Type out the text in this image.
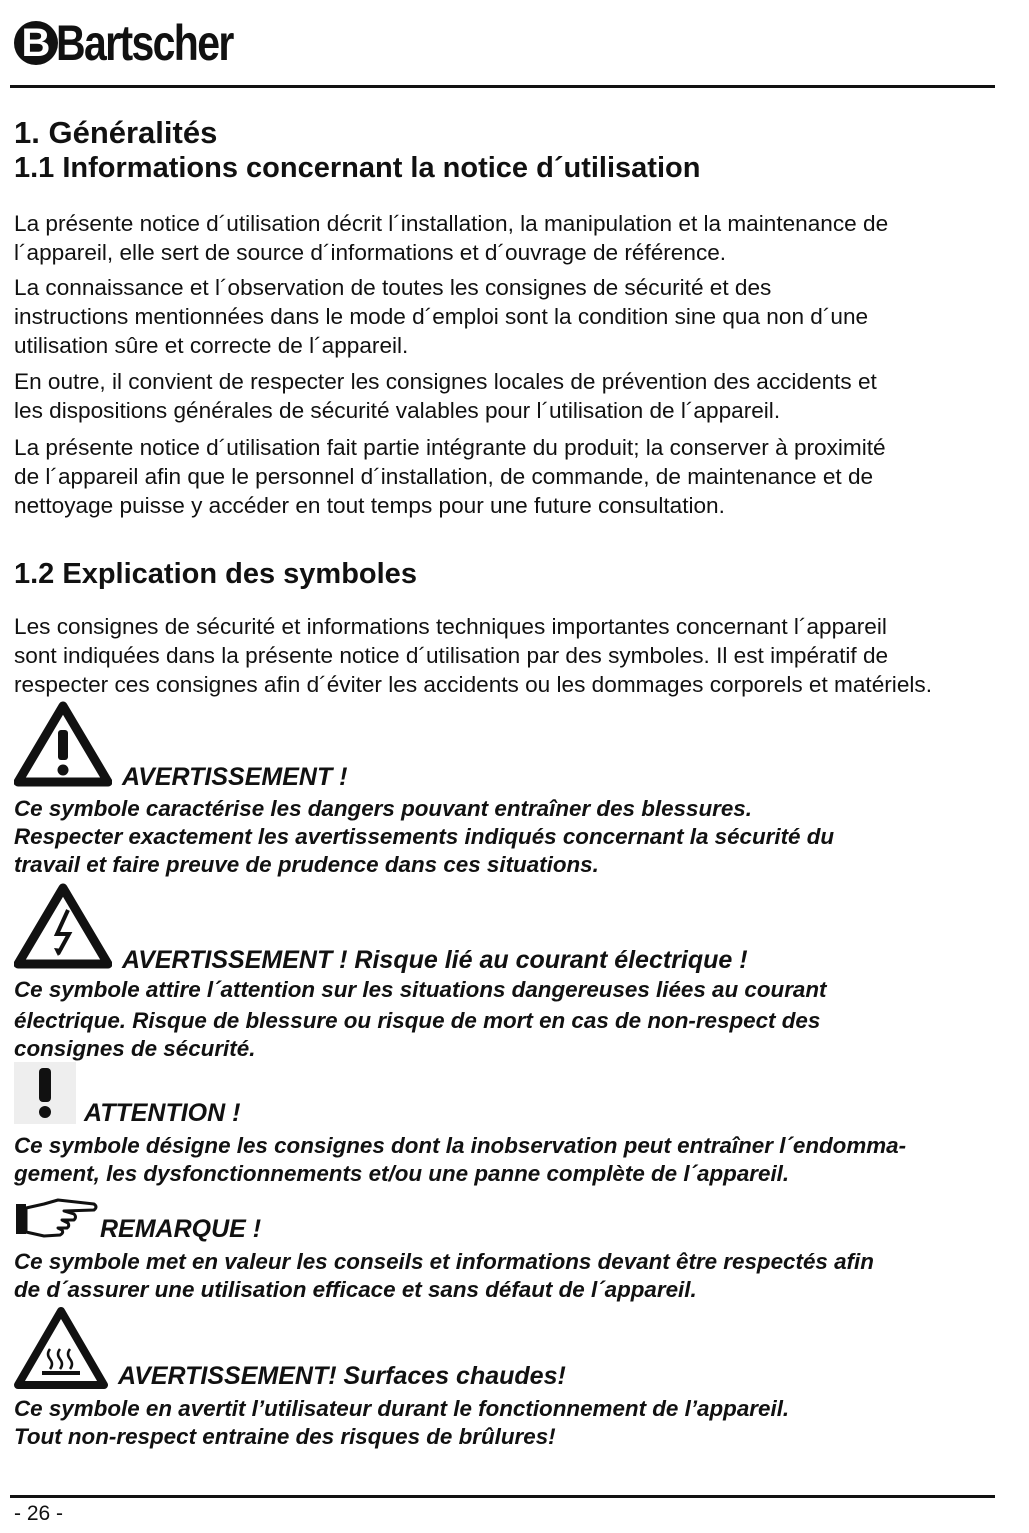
B Bartscher
1. Généralités
1.1 Informations concernant la notice d´utilisation
La présente notice d´utilisation décrit l´installation, la manipulation et la maintenance de
l´appareil, elle sert de source d´informations et d´ouvrage de référence.
La connaissance et l´observation de toutes les consignes de sécurité et des
instructions mentionnées dans le mode d´emploi sont la condition sine qua non d´une
utilisation sûre et correcte de l´appareil.
En outre, il convient de respecter les consignes locales de prévention des accidents et
les dispositions générales de sécurité valables pour l´utilisation de l´appareil.
La présente notice d´utilisation fait partie intégrante du produit; la conserver à proximité
de l´appareil afin que le personnel d´installation, de commande, de maintenance et de
nettoyage puisse y accéder en tout temps pour une future consultation.
1.2 Explication des symboles
Les consignes de sécurité et informations techniques importantes concernant l´appareil
sont indiquées dans la présente notice d´utilisation par des symboles. Il est impératif de
respecter ces consignes afin d´éviter les accidents ou les dommages corporels et matériels.
AVERTISSEMENT !
Ce symbole caractérise les dangers pouvant entraîner des blessures.
Respecter exactement les avertissements indiqués concernant la sécurité du
travail et faire preuve de prudence dans ces situations.
AVERTISSEMENT ! Risque lié au courant électrique !
Ce symbole attire l´attention sur les situations dangereuses liées au courant
électrique. Risque de blessure ou risque de mort en cas de non-respect des
consignes de sécurité.
ATTENTION !
Ce symbole désigne les consignes dont la inobservation peut entraîner l´endomma-
gement, les dysfonctionnements et/ou une panne complète de l´appareil.
REMARQUE !
Ce symbole met en valeur les conseils et informations devant être respectés afin
de d´assurer une utilisation efficace et sans défaut de l´appareil.
AVERTISSEMENT! Surfaces chaudes!
Ce symbole en avertit l’utilisateur durant le fonctionnement de l’appareil.
Tout non-respect entraine des risques de brûlures!
- 26 -
